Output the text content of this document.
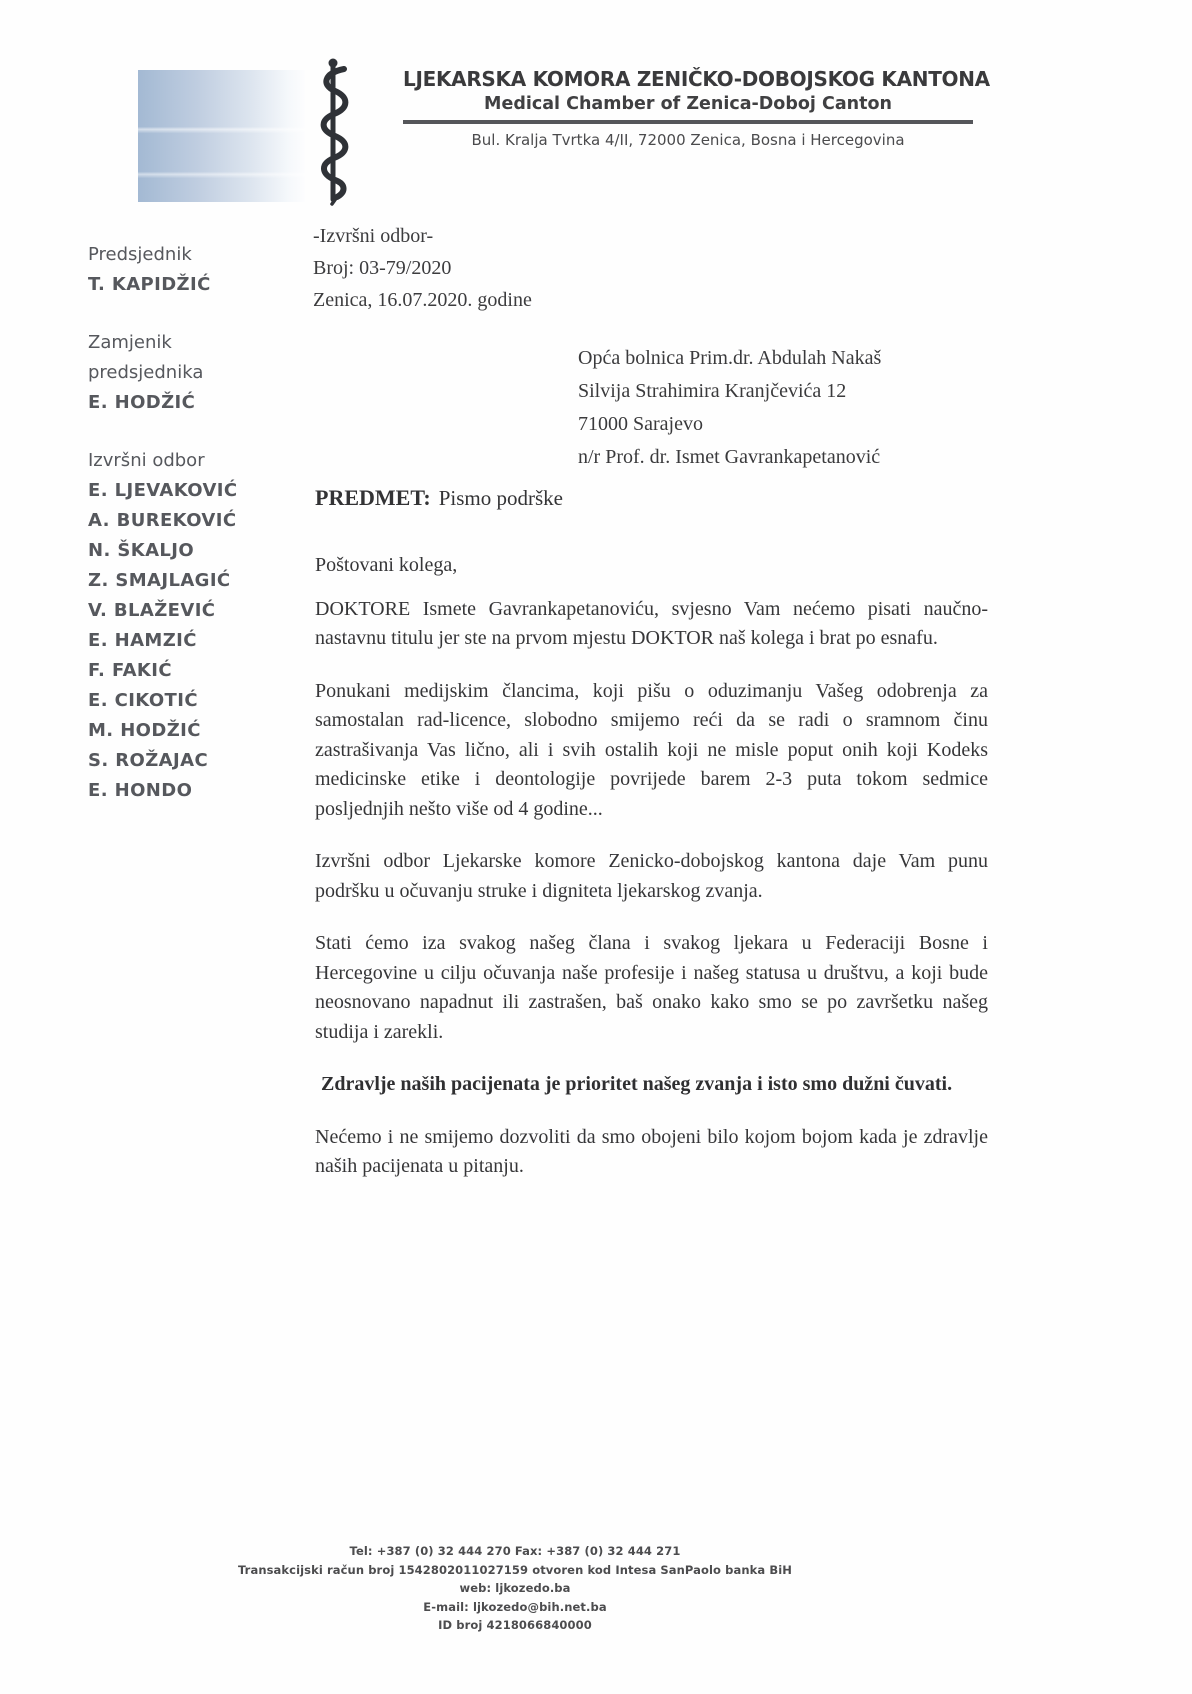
LJEKARSKA KOMORA ZENIČKO-DOBOJSKOG KANTONA
Medical Chamber of Zenica-Doboj Canton
Bul. Kralja Tvrtka 4/II, 72000 Zenica, Bosna i Hercegovina
Predsjednik
T. KAPIDŽIĆ
Zamjenik
predsjednika
E. HODŽIĆ
Izvršni odbor
E. LJEVAKOVIĆ
A. BUREKOVIĆ
N. ŠKALJO
Z. SMAJLAGIĆ
V. BLAŽEVIĆ
E. HAMZIĆ
F. FAKIĆ
E. CIKOTIĆ
M. HODŽIĆ
S. ROŽAJAC
E. HONDO
-Izvršni odbor-
Broj: 03-79/2020
Zenica, 16.07.2020. godine
Opća bolnica Prim.dr. Abdulah Nakaš
Silvija Strahimira Kranjčevića 12
71000 Sarajevo
n/r Prof. dr. Ismet Gavrankapetanović
PREDMET: Pismo podrške

Poštovani kolega,

DOKTORE Ismete Gavrankapetanoviću, svjesno Vam nećemo pisati naučno-nastavnu titulu jer ste na prvom mjestu DOKTOR naš kolega i brat po esnafu.

Ponukani medijskim člancima, koji pišu o oduzimanju Vašeg odobrenja za samostalan rad-licence, slobodno smijemo reći da se radi o sramnom činu zastrašivanja Vas lično, ali i svih ostalih koji ne misle poput onih koji Kodeks medicinske etike i deontologije povrijede barem 2-3 puta tokom sedmice posljednjih nešto više od 4 godine...

Izvršni odbor Ljekarske komore Zenicko-dobojskog kantona daje Vam punu podršku u očuvanju struke i digniteta ljekarskog zvanja.

Stati ćemo iza svakog našeg člana i svakog ljekara u Federaciji Bosne i Hercegovine u cilju očuvanja naše profesije i našeg statusa u društvu, a koji bude neosnovano napadnut ili zastrašen, baš onako kako smo se po završetku našeg studija i zarekli.

Zdravlje naših pacijenata je prioritet našeg zvanja i isto smo dužni čuvati.

Nećemo i ne smijemo dozvoliti da smo obojeni bilo kojom bojom kada je zdravlje naših pacijenata u pitanju.

Tel: +387 (0) 32 444 270 Fax: +387 (0) 32 444 271
Transakcijski račun broj 1542802011027159 otvoren kod Intesa SanPaolo banka BiH
web: ljkozedo.ba
E-mail: ljkozedo@bih.net.ba
ID broj 4218066840000
